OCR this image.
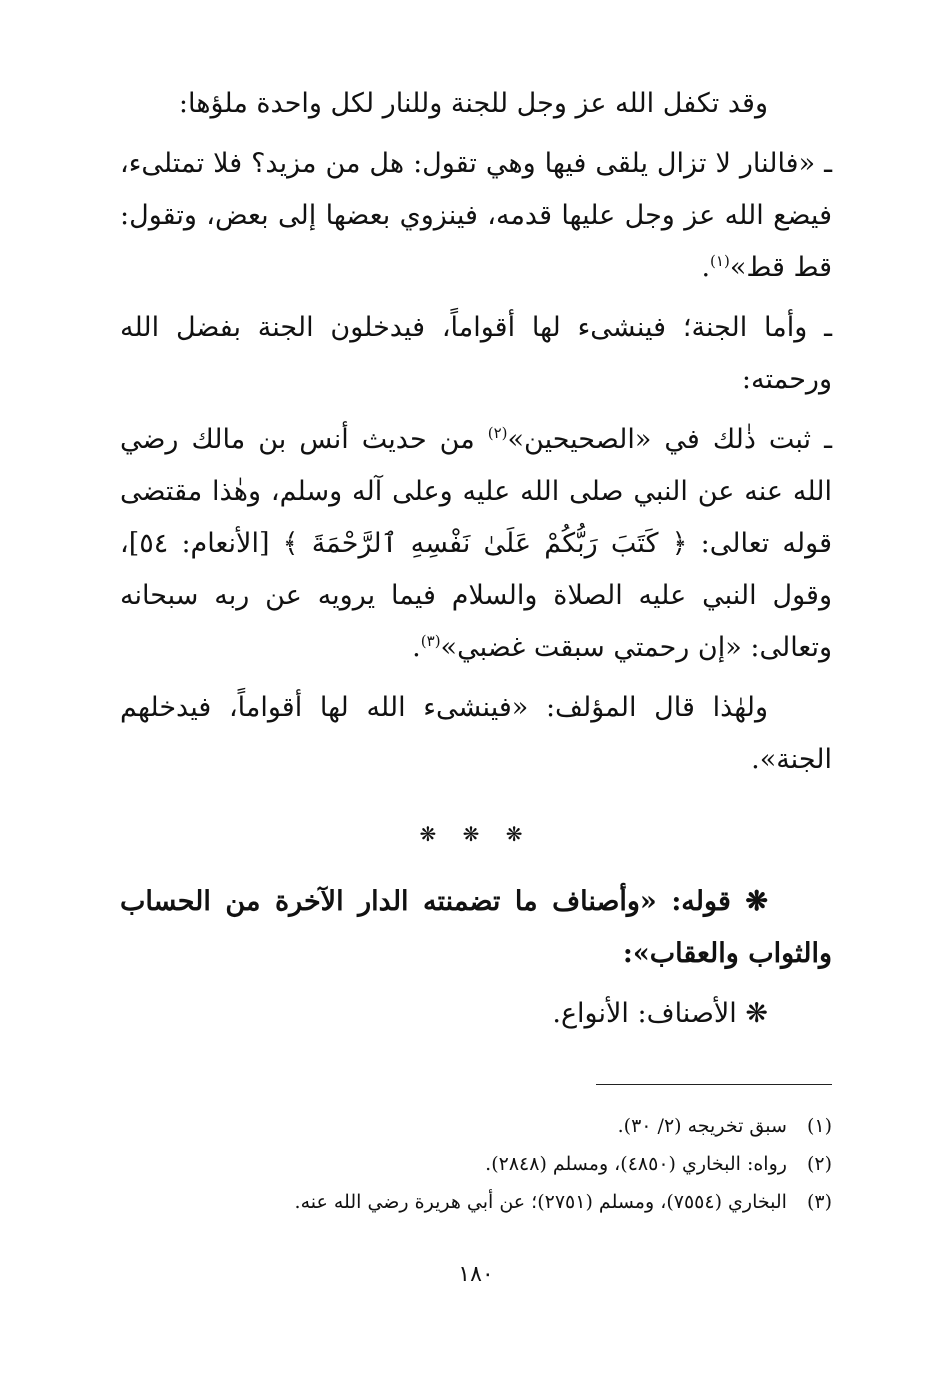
وقد تكفل الله عز وجل للجنة وللنار لكل واحدة ملؤها:

ـ «فالنار لا تزال يلقى فيها وهي تقول: هل من مزيد؟ فلا تمتلىء، فيضع الله عز وجل عليها قدمه، فينزوي بعضها إلى بعض، وتقول: قط قط»$^{(١)}$.

ـ وأما الجنة؛ فينشىء لها أقواماً، فيدخلون الجنة بفضل الله ورحمته:

ـ ثبت ذٰلك في «الصحيحين»$^{(٢)}$ من حديث أنس بن مالك رضي الله عنه عن النبي صلى الله عليه وعلى آله وسلم، وهٰذا مقتضى قوله تعالى: ﴿ كَتَبَ رَبُّكُمْ عَلَىٰ نَفْسِهِ ٱلرَّحْمَةَ ﴾ [الأنعام: ٥٤]، وقول النبي عليه الصلاة والسلام فيما يرويه عن ربه سبحانه وتعالى: «إن رحمتي سبقت غضبي»$^{(٣)}$.

ولهٰذا قال المؤلف: «فينشىء الله لها أقواماً، فيدخلهم الجنة».

❋ ❋ ❋

❋ قوله: «وأصناف ما تضمنته الدار الآخرة من الحساب والثواب والعقاب»:

❋ الأصناف: الأنواع.

(١)سبق تخريجه (٢/ ٣٠).

(٢)رواه: البخاري (٤٨٥٠)، ومسلم (٢٨٤٨).

(٣)البخاري (٧٥٥٤)، ومسلم (٢٧٥١)؛ عن أبي هريرة رضي الله عنه.

١٨٠
